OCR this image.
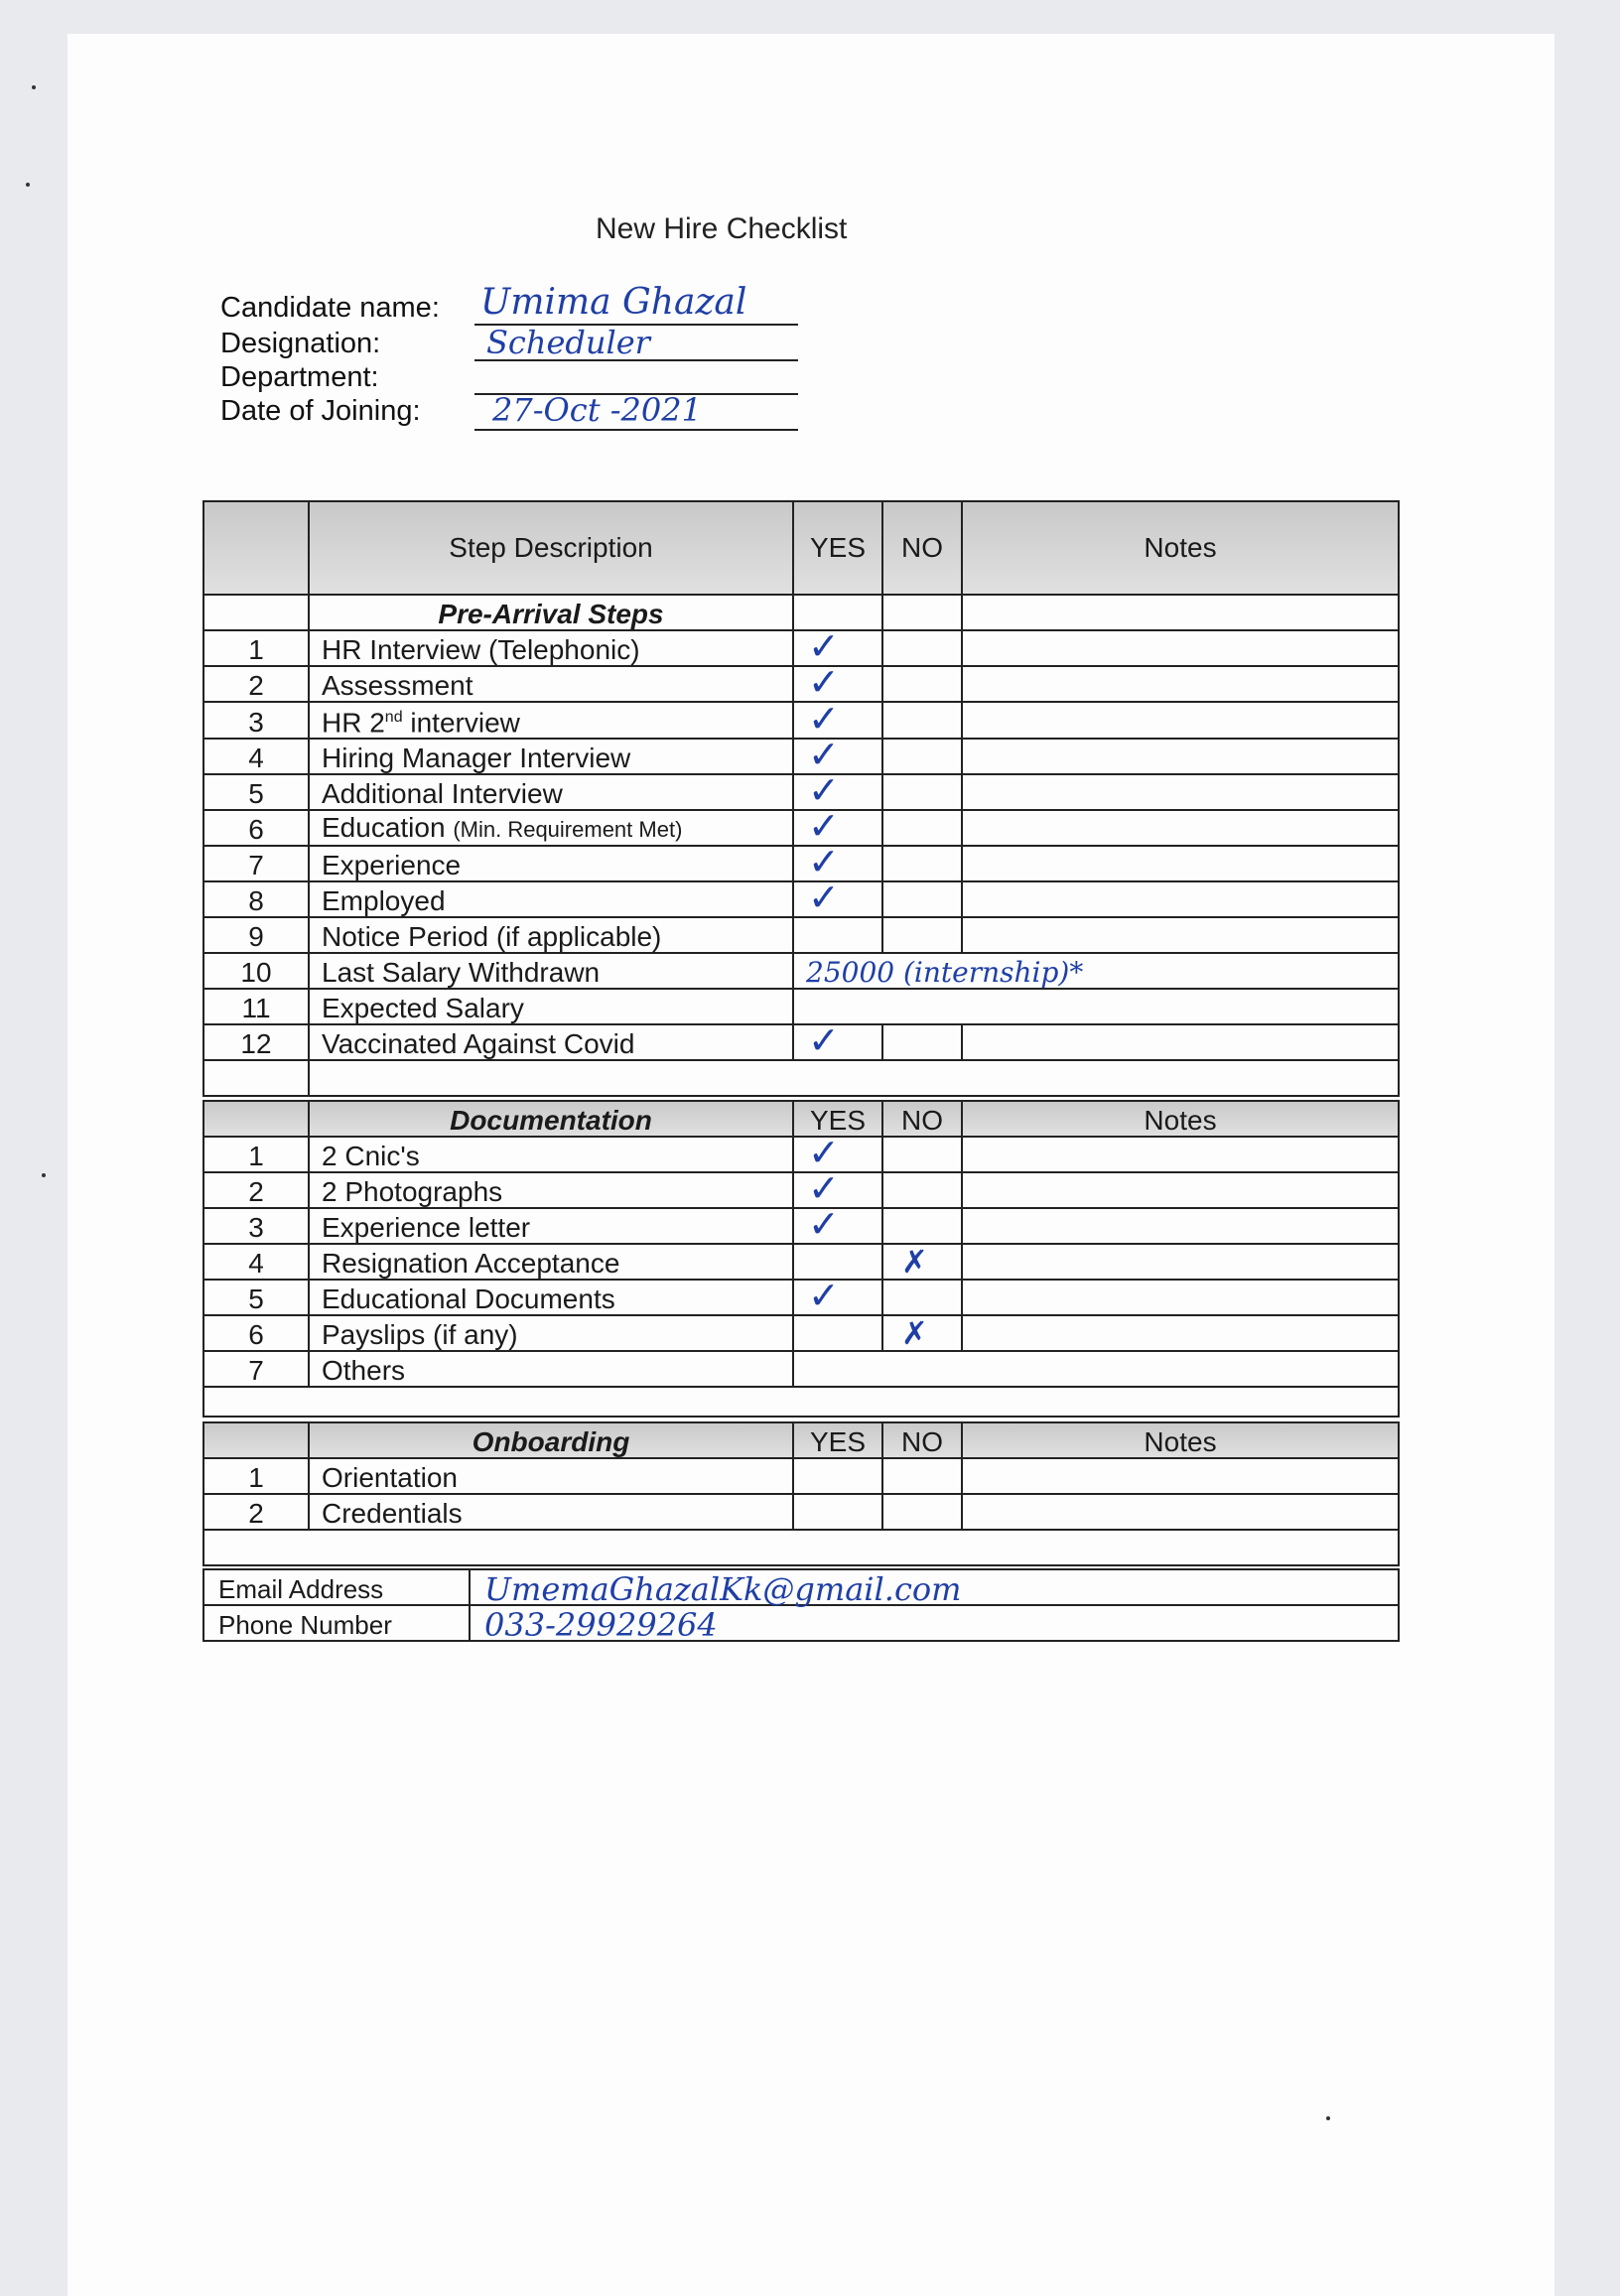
New Hire Checklist
Candidate name: Umima Ghazal
Designation:	Scheduler
Department:
Date of Joining: 27-Oct -2021
	Step Description	YES	NO	Notes
	Pre-Arrival Steps			
1	HR Interview (Telephonic)	✓		
2	Assessment	✓		
3	HR 2nd interview	✓		
4	Hiring Manager Interview	✓		
5	Additional Interview	✓		
6	Education (Min. Requirement Met)	✓		
7	Experience	✓		
8	Employed	✓		
9	Notice Period (if applicable)			
10	Last Salary Withdrawn	25000 (internship)*		
11	Expected Salary			
12	Vaccinated Against Covid	✓		

	Documentation	YES	NO	Notes
1	2 Cnic's	✓		
2	2 Photographs	✓		
3	Experience letter	✓		
4	Resignation Acceptance		✗	
5	Educational Documents	✓		
6	Payslips (if any)		✗	
7	Others			

	Onboarding	YES	NO	Notes
1	Orientation			
2	Credentials			

Email Address	UmemaGhazalKk@gmail.com
Phone Number	033-29929264
